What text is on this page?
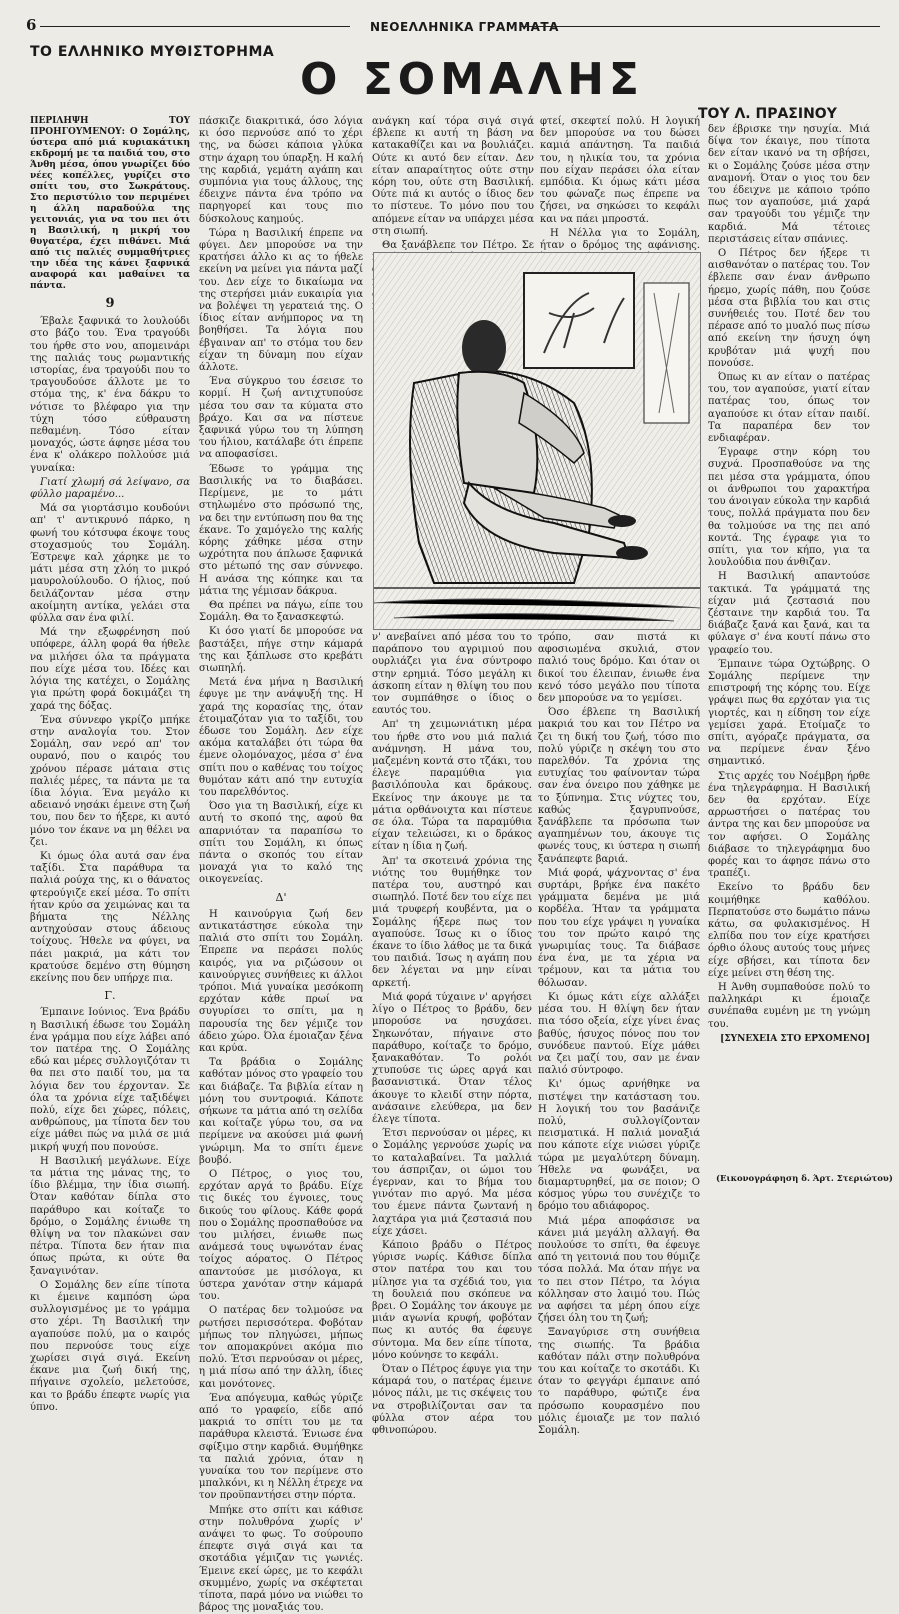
6	ΝΕΟΕΛΛΗΝΙΚΑ ΓΡΑΜΜΑΤΑ
ΤΟ ΕΛΛΗΝΙΚΟ ΜΥΘΙΣΤΟΡΗΜΑ
Ο ΣΟΜΑΛΗΣ
ΤΟΥ Λ. ΠΡΑΣΙΝΟΥ

ΠΕΡΙΛΗΨΗ ΤΟΥ ΠΡΟΗΓΟΥΜΕΝΟΥ: Ο Σομάλης, ύστερα από μιά κυριακάτικη εκδρομή με τα παιδιά του, στο Άνθη μέσα, όπου γνωρίζει δύο νέες κοπέλλες, γυρίζει στο σπίτι του, στο Σωκράτους. Στο περιστύλιο τον περιμένει η άλλη παραδούλα της γειτονιάς, για να του πει ότι η Βασιλική, η μικρή του θυγατέρα, έχει πιθάνει. Μιά από τις παλιές συμμαθήτριες την ιδέα της κάνει ξαφνικά αναφορά και μαθαίνει τα πάντα.

9

Έβαλε ξαφνικά το λουλούδι στο βάζο του. Ένα τραγούδι του ήρθε στο νου, απομεινάρι της παλιάς τους ρωμαντικής ιστορίας, ένα τραγούδι που το τραγουδούσε άλλοτε με το στόμα της, κ' ένα δάκρυ το νότισε το βλέφαρο για την τύχη τόσο εύθραυστη πεθαμένη. Τόσο είταν μοναχός, ώστε άφησε μέσα του ένα κ' ολάκερο πολλούσε μιά γυναίκα:

Γιατί χλωμή σά λείψανο, σα φύλλο μαραμένο...

Μά σα γιορτάσιμο κουδούνι απ' τ' αντικρυνό πάρκο, η φωνή του κότσυφα έκοψε τους στοχασμούς του Σομάλη. Έστρεψε καλ χάρηκε με το μάτι μέσα στη χλόη το μικρό μαυρολούλουδο. Ο ήλιος, πού δειλάζονταν μέσα στην ακοίμητη αντίκα, γελάει στα φύλλα σαν ένα φιλί.

Μά την εξωφρένηση πού υπόφερε, άλλη φορά θα ήθελε να μιλήσει όλα τα πράγματα που είχε μέσα του. Ιδέες και λόγια της κατέχει, ο Σομάλης για πρώτη φορά δοκιμάζει τη χαρά της δόξας.

Ένα σύννεφο γκρίζο μπήκε στην αναλογία του. Στον Σομάλη, σαν νερό απ' τον ουρανό, που ο καιρός του χρόνου πέρασε μάταια στις παλιές μέρες, τα πάντα με τα ίδια λόγια. Ένα μεγάλο κι αδειανό νησάκι έμεινε στη ζωή του, που δεν το ήξερε, κι αυτό μόνο τον έκανε να μη θέλει να ζει.

Κι όμως όλα αυτά σαν ένα ταξίδι. Στα παράθυρα τα παλιά ρούχα της, κι ο θάνατος φτερούγιζε εκεί μέσα. Το σπίτι ήταν κρύο σα χειμώνας και τα βήματα της Νέλλης αντηχούσαν στους άδειους τοίχους. Ήθελε να φύγει, να πάει μακριά, μα κάτι τον κρατούσε δεμένο στη θύμηση εκείνης που δεν υπήρχε πια.

Γ.

Έμπαινε Ιούνιος. Ένα βράδυ η Βασιλική έδωσε του Σομάλη ένα γράμμα που είχε λάβει από τον πατέρα της. Ο Σομάλης εδώ και μέρες συλλογιζόταν τι θα πει στο παιδί του, μα τα λόγια δεν του έρχονταν. Σε όλα τα χρόνια είχε ταξιδέψει πολύ, είχε δει χώρες, πόλεις, ανθρώπους, μα τίποτα δεν του είχε μάθει πώς να μιλά σε μιά μικρή ψυχή που πονούσε.

Η Βασιλική μεγάλωνε. Είχε τα μάτια της μάνας της, το ίδιο βλέμμα, την ίδια σιωπή. Όταν καθόταν δίπλα στο παράθυρο και κοίταζε το δρόμο, ο Σομάλης ένιωθε τη θλίψη να τον πλακώνει σαν πέτρα. Τίποτα δεν ήταν πια όπως πρώτα, κι ούτε θα ξαναγινόταν.

Ο Σομάλης δεν είπε τίποτα κι έμεινε καμπόση ώρα συλλογισμένος με το γράμμα στο χέρι. Τη Βασιλική την αγαπούσε πολύ, μα ο καιρός που περνούσε τους είχε χωρίσει σιγά σιγά. Εκείνη έκανε μια ζωή δική της, πήγαινε σχολείο, μελετούσε, και το βράδυ έπεφτε νωρίς για ύπνο.

πάσκιζε διακριτικά, όσο λόγια κι όσο περνούσε από το χέρι της, να δώσει κάποια γλύκα στην άχαρη του ύπαρξη. Η καλή της καρδιά, γεμάτη αγάπη και συμπόνια για τους άλλους, της έδειχνε πάντα ένα τρόπο να παρηγορεί και τους πιο δύσκολους καημούς.

Τώρα η Βασιλική έπρεπε να φύγει. Δεν μπορούσε να την κρατήσει άλλο κι ας το ήθελε εκείνη να μείνει για πάντα μαζί του. Δεν είχε το δικαίωμα να της στερήσει μιάν ευκαιρία για να βολέψει τη γερατειά της. Ο ίδιος είταν ανήμπορος να τη βοηθήσει. Τα λόγια που έβγαιναν απ' το στόμα του δεν είχαν τη δύναμη που είχαν άλλοτε.

Ένα σύγκρυο του έσεισε το κορμί. Η ζωή αντιχτυπούσε μέσα του σαν τα κύματα στο βράχο. Και σα να πίστευε ξαφνικά γύρω του τη λύπηση του ήλιου, κατάλαβε ότι έπρεπε να αποφασίσει.

Έδωσε το γράμμα της Βασιλικής να το διαβάσει. Περίμενε, με το μάτι στηλωμένο στο πρόσωπό της, να δει την εντύπωση που θα της έκανε. Το χαμόγελο της καλής κόρης χάθηκε μέσα στην ωχρότητα που άπλωσε ξαφνικά στο μέτωπό της σαν σύννεφο. Η ανάσα της κόπηκε και τα μάτια της γέμισαν δάκρυα.

Θα πρέπει να πάγω, είπε του Σομάλη. Θα το ξανασκεφτώ.

Κι όσο γιατί δε μπορούσε να βαστάξει, πήγε στην κάμαρά της και ξάπλωσε στο κρεβάτι σιωπηλή.

Μετά ένα μήνα η Βασιλική έφυγε με την ανάψυξή της. Η χαρά της κορασίας της, όταν έτοιμαζόταν για το ταξίδι, του έδωσε του Σομάλη. Δεν είχε ακόμα καταλάβει ότι τώρα θα έμενε ολομόναχος, μέσα σ' ένα σπίτι που ο καθένας του τοίχος θυμόταν κάτι από την ευτυχία του παρελθόντος.

Όσο για τη Βασιλική, είχε κι αυτή το σκοπό της, αφού θα απαρνιόταν τα παραπίσω το σπίτι του Σομάλη, κι όπως πάντα ο σκοπός του είταν μοναχά για το καλό της οικογενείας.

Δ'

Η καινούργια ζωή δεν αντικατάστησε εύκολα την παλιά στο σπίτι του Σομάλη. Έπρεπε να περάσει πολύς καιρός, για να ριζώσουν οι καινούργιες συνήθειες κι άλλοι τρόποι. Μιά γυναίκα μεσόκοπη ερχόταν κάθε πρωί να συγυρίσει το σπίτι, μα η παρουσία της δεν γέμιζε τον άδειο χώρο. Όλα έμοιαζαν ξένα και κρύα.

Τα βράδια ο Σομάλης καθόταν μόνος στο γραφείο του και διάβαζε. Τα βιβλία είταν η μόνη του συντροφιά. Κάποτε σήκωνε τα μάτια από τη σελίδα και κοίταζε γύρω του, σα να περίμενε να ακούσει μιά φωνή γνώριμη. Μα το σπίτι έμενε βουβό.

Ο Πέτρος, ο γιος του, ερχόταν αργά το βράδυ. Είχε τις δικές του έγνοιες, τους δικούς του φίλους. Κάθε φορά που ο Σομάλης προσπαθούσε να του μιλήσει, ένιωθε πως ανάμεσά τους υψωνόταν ένας τοίχος αόρατος. Ο Πέτρος απαντούσε με μισόλογα, κι ύστερα χανόταν στην κάμαρά του.

Ο πατέρας δεν τολμούσε να ρωτήσει περισσότερα. Φοβόταν μήπως τον πληγώσει, μήπως τον απομακρύνει ακόμα πιο πολύ. Έτσι περνούσαν οι μέρες, η μιά πίσω από την άλλη, ίδιες και μονότονες.

Ένα απόγευμα, καθώς γύριζε από το γραφείο, είδε από μακριά το σπίτι του με τα παράθυρα κλειστά. Ένιωσε ένα σφίξιμο στην καρδιά. Θυμήθηκε τα παλιά χρόνια, όταν η γυναίκα του τον περίμενε στο μπαλκόνι, κι η Νέλλη έτρεχε να τον προϋπαντήσει στην πόρτα.

Μπήκε στο σπίτι και κάθισε στην πολυθρόνα χωρίς ν' ανάψει το φως. Το σούρουπο έπεφτε σιγά σιγά και τα σκοτάδια γέμιζαν τις γωνιές. Έμεινε εκεί ώρες, με το κεφάλι σκυμμένο, χωρίς να σκέφτεται τίποτα, παρά μόνο να νιώθει το βάρος της μοναξιάς του.

ανάγκη καί τόρα σιγά σιγά έβλεπε κι αυτή τη βάση να κατακαθίζει και να βουλιάζει. Ούτε κι αυτό δεν είταν. Δεν είταν απαραίτητος ούτε στην κόρη του, ούτε στη Βασιλική. Ούτε πιά κι αυτός ο ίδιος δεν το πίστευε. Το μόνο που του απόμενε είταν να υπάρχει μέσα στη σιωπή.

Θα ξανάβλεπε τον Πέτρο. Σε

φτεί, σκεφτεί πολύ. Η λογική δεν μπορούσε να του δώσει καμιά απάντηση. Τα παιδιά του, η ηλικία του, τα χρόνια που είχαν περάσει όλα είταν εμπόδια. Κι όμως κάτι μέσα του φώναζε πως έπρεπε να ζήσει, να σηκώσει το κεφάλι και να πάει μπροστά.

Η Νέλλα για το Σομάλη, ήταν ο δρόμος της αφάνισης.

ν' ανεβαίνει από μέσα του το παράπονο του αγριμιού που ουρλιάζει για ένα σύντροφο στην ερημιά. Τόσο μεγάλη κι άσκοπη είταν η θλίψη του που τον συμπάθησε ο ίδιος ο εαυτός του.

Απ' τη χειμωνιάτικη μέρα του ήρθε στο νου μιά παλιά ανάμνηση. Η μάνα του, μαζεμένη κοντά στο τζάκι, του έλεγε παραμύθια για βασιλόπουλα και δράκους. Εκείνος την άκουγε με τα μάτια ορθάνοιχτα και πίστευε σε όλα. Τώρα τα παραμύθια είχαν τελειώσει, κι ο δράκος είταν η ίδια η ζωή.

Άπ' τα σκοτεινά χρόνια της νιότης του θυμήθηκε τον πατέρα του, αυστηρό και σιωπηλό. Ποτέ δεν του είχε πει μιά τρυφερή κουβέντα, μα ο Σομάλης ήξερε πως τον αγαπούσε. Ίσως κι ο ίδιος έκανε το ίδιο λάθος με τα δικά του παιδιά. Ίσως η αγάπη που δεν λέγεται να μην είναι αρκετή.

Μιά φορά τύχαινε ν' αργήσει λίγο ο Πέτρος το βράδυ, δεν μπορούσε να ησυχάσει. Σηκωνόταν, πήγαινε στο παράθυρο, κοίταζε το δρόμο, ξανακαθόταν. Το ρολόι χτυπούσε τις ώρες αργά και βασανιστικά. Όταν τέλος άκουγε το κλειδί στην πόρτα, ανάσαινε ελεύθερα, μα δεν έλεγε τίποτα.

Έτσι περνούσαν οι μέρες, κι ο Σομάλης γερνούσε χωρίς να το καταλαβαίνει. Τα μαλλιά του άσπριζαν, οι ώμοι του έγερναν, και το βήμα του γινόταν πιο αργό. Μα μέσα του έμενε πάντα ζωντανή η λαχτάρα για μιά ζεστασιά που είχε χάσει.

Κάποιο βράδυ ο Πέτρος γύρισε νωρίς. Κάθισε δίπλα στον πατέρα του και του μίλησε για τα σχέδιά του, για τη δουλειά που σκόπευε να βρει. Ο Σομάλης τον άκουγε με μιάν αγωνία κρυφή, φοβόταν πως κι αυτός θα έφευγε σύντομα. Μα δεν είπε τίποτα, μόνο κούνησε το κεφάλι.

Όταν ο Πέτρος έφυγε για την κάμαρά του, ο πατέρας έμεινε μόνος πάλι, με τις σκέψεις του να στροβιλίζονται σαν τα φύλλα στον αέρα του φθινοπώρου.

τρόπο, σαν πιστά κι αφοσιωμένα σκυλιά, στον παλιό τους δρόμο. Και όταν οι δικοί του έλειπαν, ένιωθε ένα κενό τόσο μεγάλο που τίποτα δεν μπορούσε να το γεμίσει.

Όσο έβλεπε τη Βασιλική μακριά του και τον Πέτρο να ζει τη δική του ζωή, τόσο πιο πολύ γύριζε η σκέψη του στο παρελθόν. Τα χρόνια της ευτυχίας του φαίνονταν τώρα σαν ένα όνειρο που χάθηκε με το ξύπνημα. Στις νύχτες του, καθώς ξαγρυπνούσε, ξανάβλεπε τα πρόσωπα των αγαπημένων του, άκουγε τις φωνές τους, κι ύστερα η σιωπή ξανάπεφτε βαριά.

Μιά φορά, ψάχνοντας σ' ένα συρτάρι, βρήκε ένα πακέτο γράμματα δεμένα με μιά κορδέλα. Ήταν τα γράμματα που του είχε γράψει η γυναίκα του τον πρώτο καιρό της γνωριμίας τους. Τα διάβασε ένα ένα, με τα χέρια να τρέμουν, και τα μάτια του θόλωσαν.

Κι όμως κάτι είχε αλλάξει μέσα του. Η θλίψη δεν ήταν πια τόσο οξεία, είχε γίνει ένας βαθύς, ήσυχος πόνος που τον συνόδευε παντού. Είχε μάθει να ζει μαζί του, σαν με έναν παλιό σύντροφο.

Κι' όμως αρνήθηκε να πιστέψει την κατάσταση του. Η λογική του τον βασάνιζε πολύ, συλλογίζονταν πεισματικά. Η παλιά μοναξιά που κάποτε είχε νιώσει γύριζε τώρα με μεγαλύτερη δύναμη. Ήθελε να φωνάξει, να διαμαρτυρηθεί, μα σε ποιον; Ο κόσμος γύρω του συνέχιζε το δρόμο του αδιάφορος.

Μιά μέρα αποφάσισε να κάνει μιά μεγάλη αλλαγή. Θα πουλούσε το σπίτι, θα έφευγε από τη γειτονιά που του θύμιζε τόσα πολλά. Μα όταν πήγε να το πει στον Πέτρο, τα λόγια κόλλησαν στο λαιμό του. Πώς να αφήσει τα μέρη όπου είχε ζήσει όλη του τη ζωή;

Ξαναγύρισε στη συνήθεια της σιωπής. Τα βράδια καθόταν πάλι στην πολυθρόνα του και κοίταζε το σκοτάδι. Κι όταν το φεγγάρι έμπαινε από το παράθυρο, φώτιζε ένα πρόσωπο κουρασμένο που μόλις έμοιαζε με τον παλιό Σομάλη.

δεν έβρισκε την ησυχία. Μιά δίψα τον έκαιγε, που τίποτα δεν είταν ικανό να τη σβήσει, κι ο Σομάλης ζούσε μέσα στην αναμονή. Όταν ο γιος του δεν του έδειχνε με κάποιο τρόπο πως τον αγαπούσε, μιά χαρά σαν τραγούδι του γέμιζε την καρδιά. Μά τέτοιες περιστάσεις είταν σπάνιες.

Ο Πέτρος δεν ήξερε τι αισθανόταν ο πατέρας του. Τον έβλεπε σαν έναν άνθρωπο ήρεμο, χωρίς πάθη, που ζούσε μέσα στα βιβλία του και στις συνήθειές του. Ποτέ δεν του πέρασε από το μυαλό πως πίσω από εκείνη την ήσυχη όψη κρυβόταν μιά ψυχή που πονούσε.

Όπως κι αν είταν ο πατέρας του, τον αγαπούσε, γιατί είταν πατέρας του, όπως τον αγαπούσε κι όταν είταν παιδί. Τα παραπέρα δεν τον ενδιαφέραν.

Έγραφε στην κόρη του συχνά. Προσπαθούσε να της πει μέσα στα γράμματα, όπου οι άνθρωποι του χαρακτήρα του άνοιγαν εύκολα την καρδιά τους, πολλά πράγματα που δεν θα τολμούσε να της πει από κοντά. Της έγραφε για το σπίτι, για τον κήπο, για τα λουλούδια που άνθιζαν.

Η Βασιλική απαντούσε τακτικά. Τα γράμματά της είχαν μιά ζεστασιά που ζέσταινε την καρδιά του. Τα διάβαζε ξανά και ξανά, και τα φύλαγε σ' ένα κουτί πάνω στο γραφείο του.

Έμπαινε τώρα Οχτώβρης. Ο Σομάλης περίμενε την επιστροφή της κόρης του. Είχε γράψει πως θα ερχόταν για τις γιορτές, και η είδηση τον είχε γεμίσει χαρά. Ετοίμαζε το σπίτι, αγόραζε πράγματα, σα να περίμενε έναν ξένο σημαντικό.

Στις αρχές του Νοέμβρη ήρθε ένα τηλεγράφημα. Η Βασιλική δεν θα ερχόταν. Είχε αρρωστήσει ο πατέρας του άντρα της και δεν μπορούσε να τον αφήσει. Ο Σομάλης διάβασε το τηλεγράφημα δυο φορές και το άφησε πάνω στο τραπέζι.

Εκείνο το βράδυ δεν κοιμήθηκε καθόλου. Περπατούσε στο δωμάτιο πάνω κάτω, σα φυλακισμένος. Η ελπίδα που τον είχε κρατήσει όρθιο όλους αυτούς τους μήνες είχε σβήσει, και τίποτα δεν είχε μείνει στη θέση της.

Η Άνθη συμπαθούσε πολύ το παλληκάρι κι έμοιαζε συνέπαθα ευμένη με τη γνώμη του.

[ΣΥΝΕΧΕΙΑ ΣΤΟ ΕΡΧΟΜΕΝΟ]
(Εικονογράφηση δ. Άρτ. Στεριώτου)
